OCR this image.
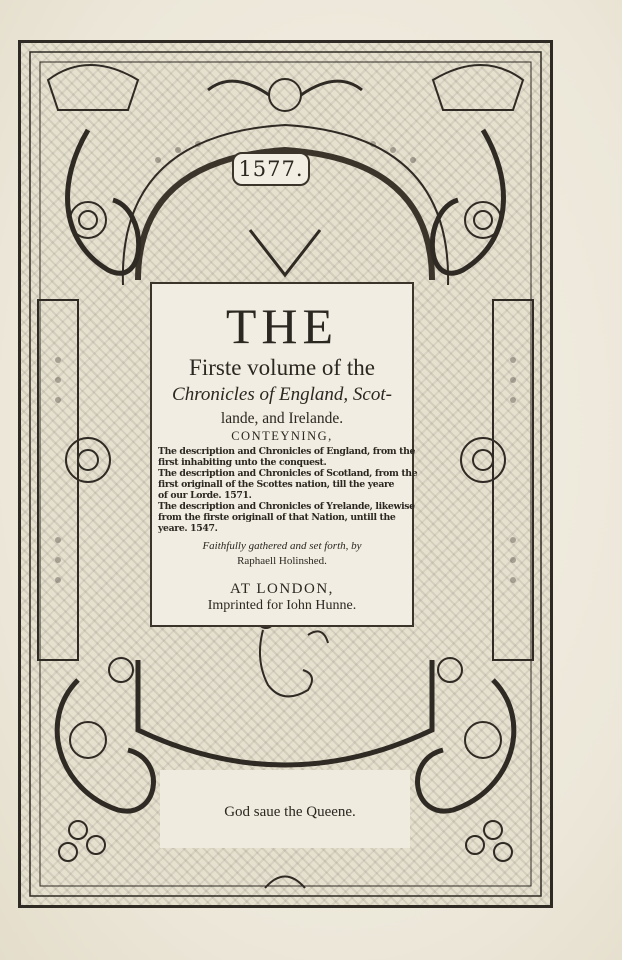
1577.
THE
Firste volume of the
Chronicles of England, Scot-
lande, and Irelande.
CONTEYNING,
The description and Chronicles of England, from the
first inhabiting unto the conquest.
The description and Chronicles of Scotland, from the
first originall of the Scottes nation, till the yeare
of our Lorde. 1571.
The description and Chronicles of Yrelande, likewise
from the firste originall of that Nation, untill the
yeare. 1547.
Faithfully gathered and set forth, by
Raphaell Holinshed.
AT LONDON,
Imprinted for Iohn Hunne.
God saue the Queene.
